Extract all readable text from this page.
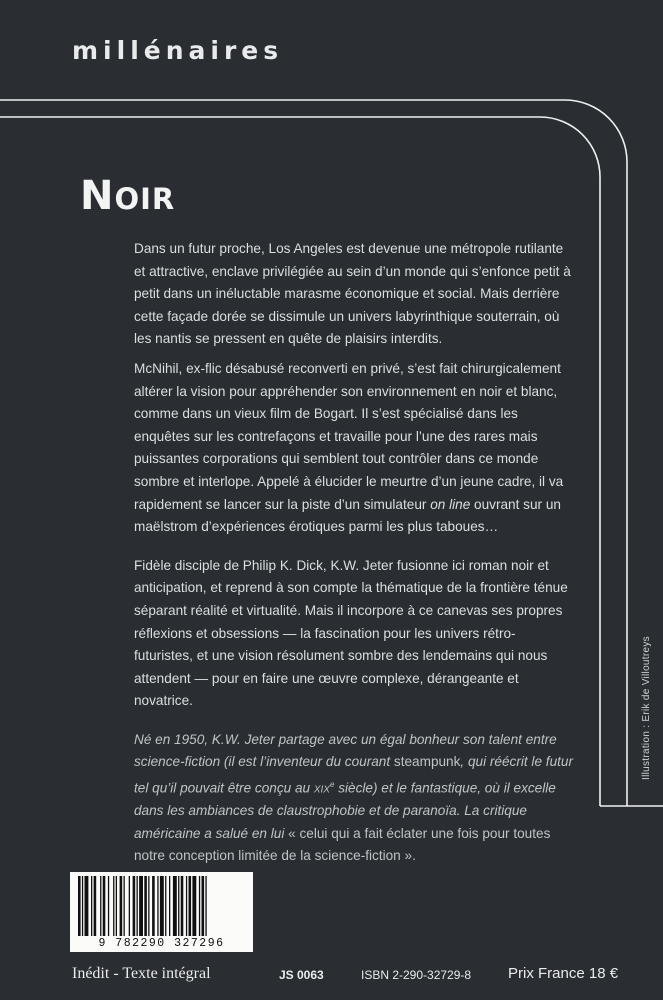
millénaires
NOIR

Dans un futur proche, Los Angeles est devenue une métropole rutilante et attractive, enclave privilégiée au sein d’un monde qui s’enfonce petit à petit dans un inéluctable marasme économique et social. Mais derrière cette façade dorée se dissimule un univers labyrinthique souterrain, où les nantis se pressent en quête de plaisirs interdits.

McNihil, ex-flic désabusé reconverti en privé, s’est fait chirurgicalement altérer la vision pour appréhender son environnement en noir et blanc, comme dans un vieux film de Bogart. Il s’est spécialisé dans les enquêtes sur les contrefaçons et travaille pour l’une des rares mais puissantes corporations qui semblent tout contrôler dans ce monde sombre et interlope. Appelé à élucider le meurtre d’un jeune cadre, il va rapidement se lancer sur la piste d’un simulateur on line ouvrant sur un maëlstrom d’expériences érotiques parmi les plus taboues…

Fidèle disciple de Philip K. Dick, K.W. Jeter fusionne ici roman noir et anticipation, et reprend à son compte la thématique de la frontière ténue séparant réalité et virtualité. Mais il incorpore à ce canevas ses propres réflexions et obsessions — la fascination pour les univers rétro-futuristes, et une vision résolument sombre des lendemains qui nous attendent — pour en faire une œuvre complexe, dérangeante et novatrice.

Né en 1950, K.W. Jeter partage avec un égal bonheur son talent entre science-fiction (il est l’inventeur du courant steampunk, qui réécrit le futur tel qu’il pouvait être conçu au xix$^e$ siècle) et le fantastique, où il excelle dans les ambiances de claustrophobie et de paranoïa. La critique américaine a salué en lui « celui qui a fait éclater une fois pour toutes notre conception limitée de la science-fiction ».

Illustration : Erik de Villoutreys

9 782290 327296

Inédit - Texte intégral	JS 0063	ISBN 2-290-32729-8 Prix France 18 €
